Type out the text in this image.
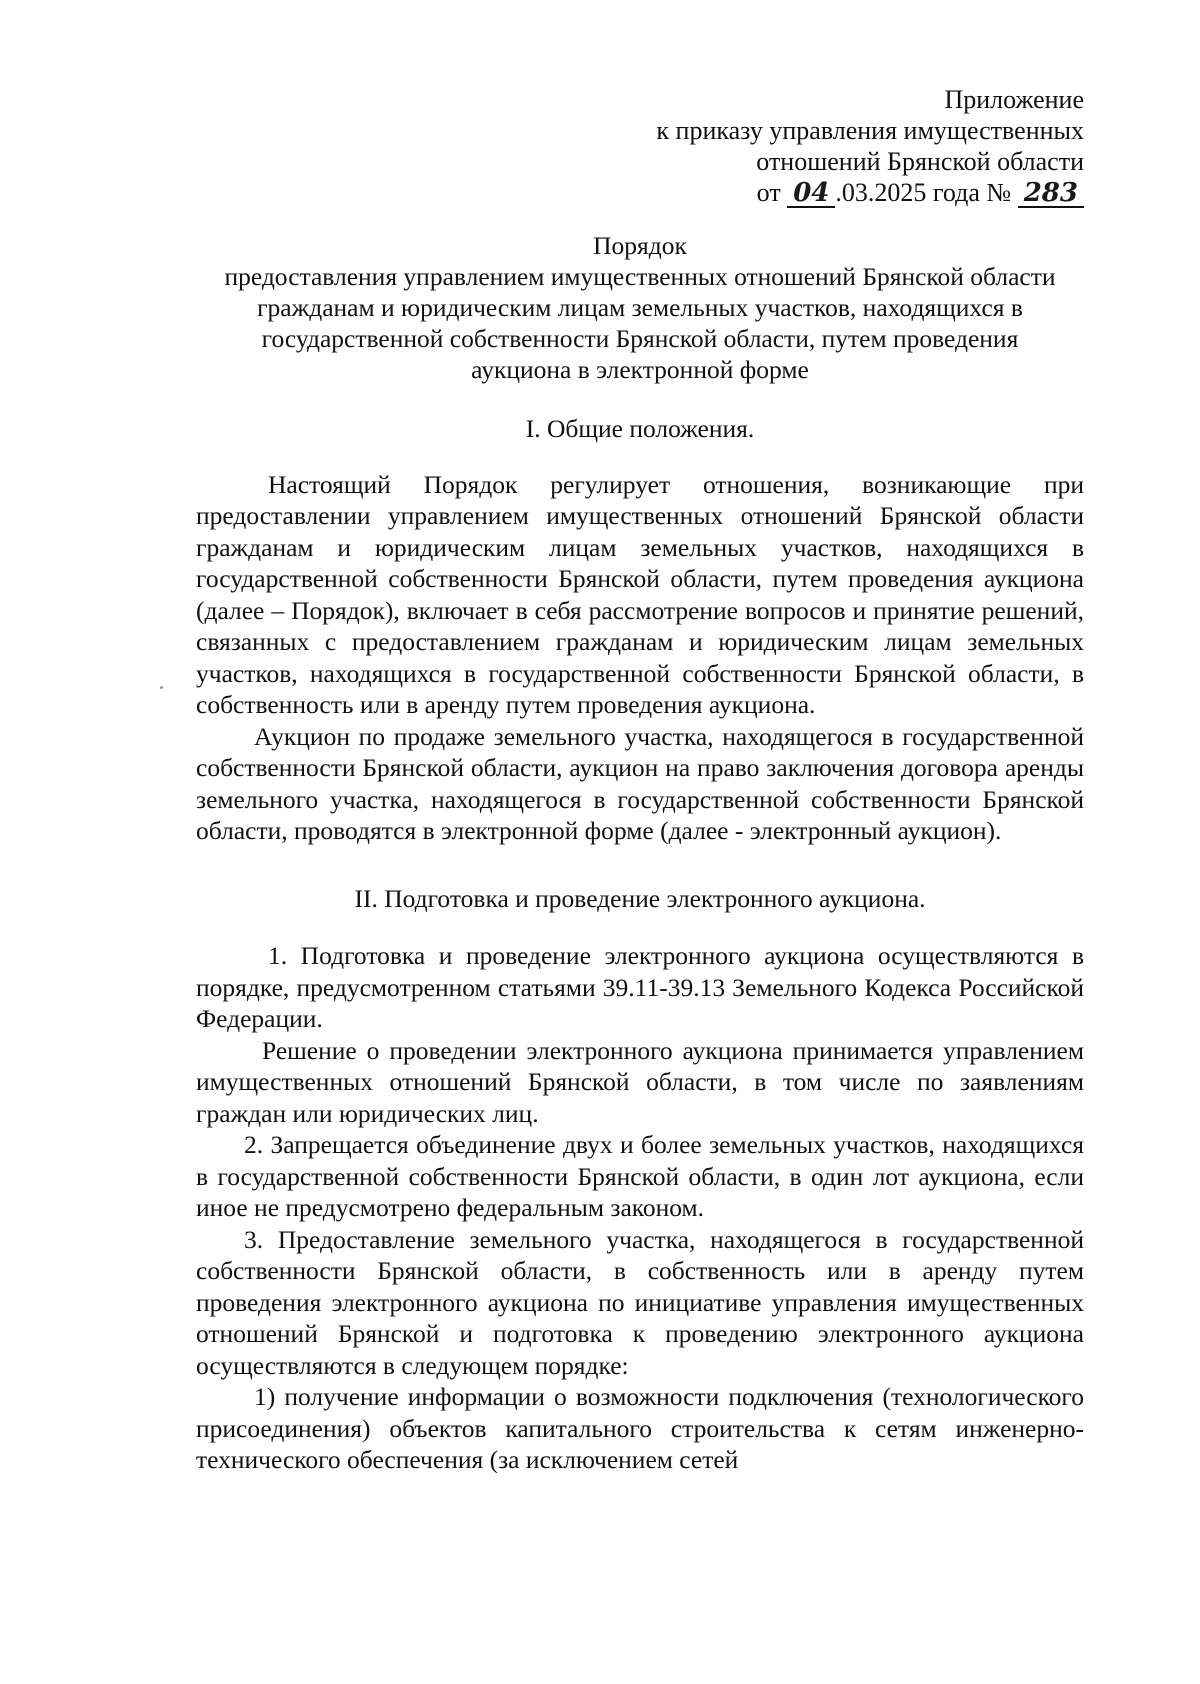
Приложение
к приказу управления имущественных
отношений Брянской области
от 04 .03.2025 года № 283
Порядок
предоставления управлением имущественных отношений Брянской области
гражданам и юридическим лицам земельных участков, находящихся в
государственной собственности Брянской области, путем проведения
аукциона в электронной форме
I. Общие положения.

Настоящий Порядок регулирует отношения, возникающие при предоставлении управлением имущественных отношений Брянской области гражданам и юридическим лицам земельных участков, находящихся в государственной собственности Брянской области, путем проведения аукциона (далее – Порядок), включает в себя рассмотрение вопросов и принятие решений, связанных с предоставлением гражданам и юридическим лицам земельных участков, находящихся в государственной собственности Брянской области, в собственность или в аренду путем проведения аукциона.

Аукцион по продаже земельного участка, находящегося в государственной собственности Брянской области, аукцион на право заключения договора аренды земельного участка, находящегося в государственной собственности Брянской области, проводятся в электронной форме (далее - электронный аукцион).

II. Подготовка и проведение электронного аукциона.

1. Подготовка и проведение электронного аукциона осуществляются в порядке, предусмотренном статьями 39.11-39.13 Земельного Кодекса Российской Федерации.

Решение о проведении электронного аукциона принимается управлением имущественных отношений Брянской области, в том числе по заявлениям граждан или юридических лиц.

2. Запрещается объединение двух и более земельных участков, находящихся в государственной собственности Брянской области, в один лот аукциона, если иное не предусмотрено федеральным законом.

3. Предоставление земельного участка, находящегося в государственной собственности Брянской области, в собственность или в аренду путем проведения электронного аукциона по инициативе управления имущественных отношений Брянской и подготовка к проведению электронного аукциона осуществляются в следующем порядке:

1) получение информации о возможности подключения (технологического присоединения) объектов капитального строительства к сетям инженерно-технического обеспечения (за исключением сетей
